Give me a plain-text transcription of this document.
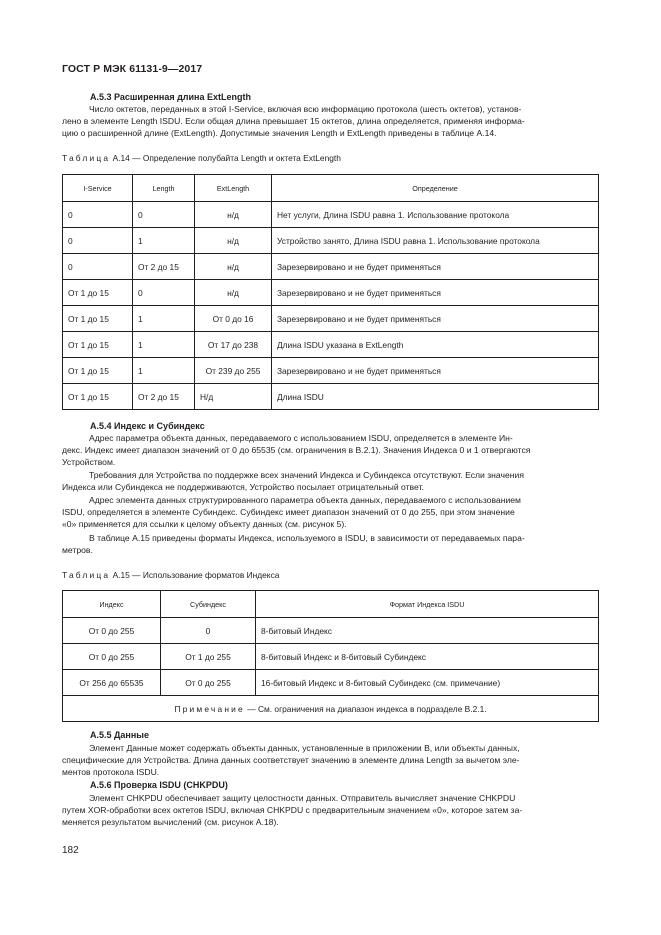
ГОСТ Р МЭК 61131-9—2017
А.5.3 Расширенная длина ExtLength
Число октетов, переданных в этой I-Service, включая всю информацию протокола (шесть октетов), установ-
лено в элементе Length ISDU. Если общая длина превышает 15 октетов, длина определяется, применяя информа-
цию о расширенной длине (ExtLength). Допустимые значения Length и ExtLength приведены в таблице А.14.
Таблица А.14 — Определение полубайта Length и октета ExtLength
I-Service	Length	ExtLength	Определение
0	0	н/д	Нет услуги, Длина ISDU равна 1. Использование протокола
0	1	н/д	Устройство занято, Длина ISDU равна 1. Использование протокола
0	От 2 до 15	н/д	Зарезервировано и не будет применяться
От 1 до 15	0	н/д	Зарезервировано и не будет применяться
От 1 до 15	1	От 0 до 16	Зарезервировано и не будет применяться
От 1 до 15	1	От 17 до 238	Длина ISDU указана в ExtLength
От 1 до 15	1	От 239 до 255	Зарезервировано и не будет применяться
От 1 до 15	От 2 до 15	Н/д	Длина ISDU
А.5.4 Индекс и Субиндекс
Адрес параметра объекта данных, передаваемого с использованием ISDU, определяется в элементе Ин-
декс. Индекс имеет диапазон значений от 0 до 65535 (см. ограничения в В.2.1). Значения Индекса 0 и 1 отвергаются
Устройством.
Требования для Устройства по поддержке всех значений Индекса и Субиндекса отсутствуют. Если значения
Индекса или Субиндекса не поддерживаются, Устройство посылает отрицательный ответ.
Адрес элемента данных структурированного параметра объекта данных, передаваемого с использованием
ISDU, определяется в элементе Субиндекс. Субиндекс имеет диапазон значений от 0 до 255, при этом значение
«0» применяется для ссылки к целому объекту данных (см. рисунок 5).
В таблице А.15 приведены форматы Индекса, используемого в ISDU, в зависимости от передаваемых пара-
метров.
Таблица А.15 — Использование форматов Индекса
Индекс	Субиндекс	Формат Индекса ISDU
От 0 до 255	0	8-битовый Индекс
От 0 до 255	От 1 до 255	8-битовый Индекс и 8-битовый Субиндекс
От 256 до 65535	От 0 до 255	16-битовый Индекс и 8-битовый Субиндекс (см. примечание)
Примечание — См. ограничения на диапазон индекса в подразделе В.2.1.		
А.5.5 Данные
Элемент Данные может содержать объекты данных, установленные в приложении В, или объекты данных,
специфические для Устройства. Длина данных соответствует значению в элементе длина Length за вычетом эле-
ментов протокола ISDU.
А.5.6 Проверка ISDU (CHKPDU)
Элемент CHKPDU обеспечивает защиту целостности данных. Отправитель вычисляет значение CHKPDU
путем XOR-обработки всех октетов ISDU, включая CHKPDU с предварительным значением «0», которое затем за-
меняется результатом вычислений (см. рисунок А.18).
182
